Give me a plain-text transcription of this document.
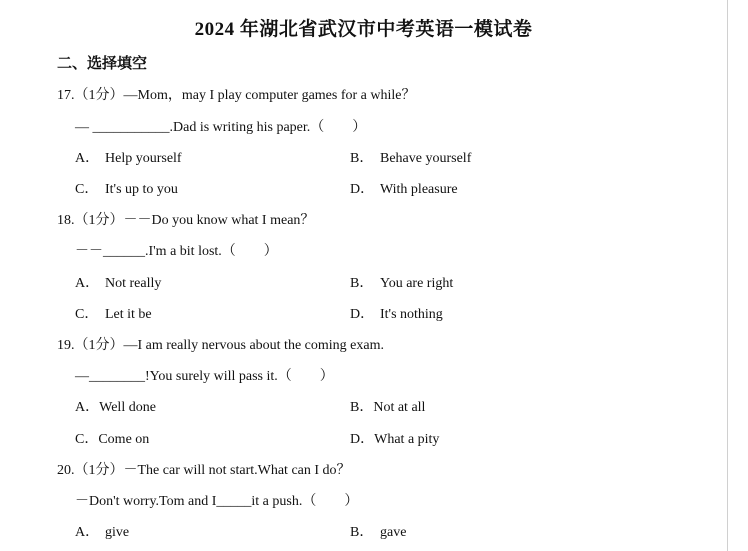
2024 年湖北省武汉市中考英语一模试卷
二、选择填空
17.（1分）—Mom，may I play computer games for a while？
— ___________.Dad is writing his paper.（　　）
A． Help yourself	B． Behave yourself
C． It's up to you	D． With pleasure
18.（1分）－－Do you know what I mean？
－－______.I'm a bit lost.（　　）
A． Not really	B． You are right
C． Let it be	D． It's nothing
19.（1分）—I am really nervous about the coming exam.
—________!You surely will pass it.（　　）
A．Well done	B．Not at all
C．Come on	D．What a pity
20.（1分）－The car will not start.What can I do？
－Don't worry.Tom and I_____it a push.（　　）
A． give	B． gave
